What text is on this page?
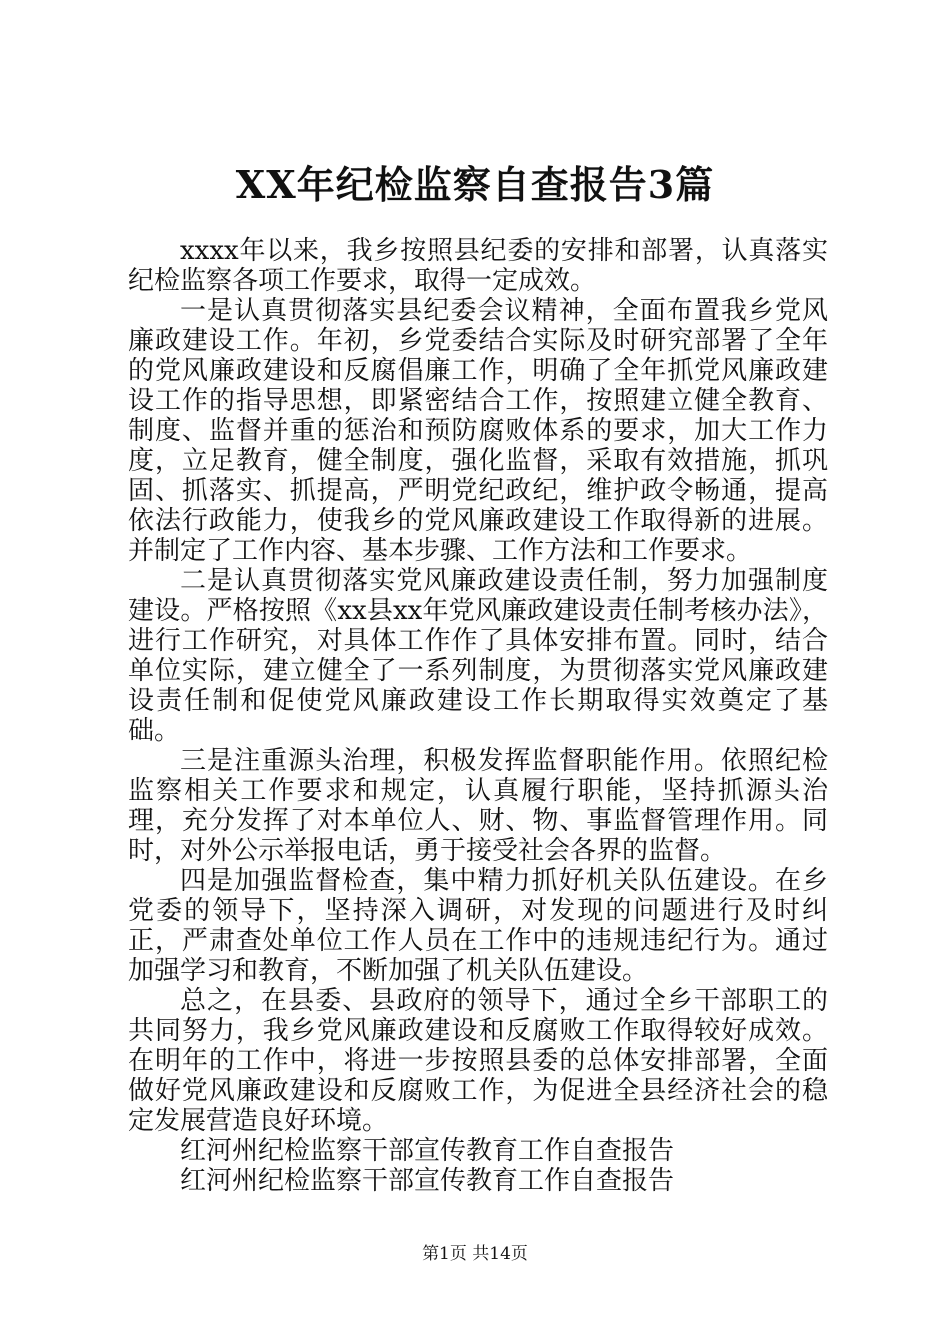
XX年纪检监察自查报告3篇

xxxx年以来，我乡按照县纪委的安排和部署，认真落实纪检监察各项工作要求，取得一定成效。

一是认真贯彻落实县纪委会议精神，全面布置我乡党风廉政建设工作。年初，乡党委结合实际及时研究部署了全年的党风廉政建设和反腐倡廉工作，明确了全年抓党风廉政建设工作的指导思想，即紧密结合工作，按照建立健全教育、制度、监督并重的惩治和预防腐败体系的要求，加大工作力度，立足教育，健全制度，强化监督，采取有效措施，抓巩固、抓落实、抓提高，严明党纪政纪，维护政令畅通，提高依法行政能力，使我乡的党风廉政建设工作取得新的进展。并制定了工作内容、基本步骤、工作方法和工作要求。

二是认真贯彻落实党风廉政建设责任制，努力加强制度建设。严格按照《xx县xx年党风廉政建设责任制考核办法》，进行工作研究，对具体工作作了具体安排布置。同时，结合单位实际，建立健全了一系列制度，为贯彻落实党风廉政建设责任制和促使党风廉政建设工作长期取得实效奠定了基础。

三是注重源头治理，积极发挥监督职能作用。依照纪检监察相关工作要求和规定，认真履行职能，坚持抓源头治理，充分发挥了对本单位人、财、物、事监督管理作用。同时，对外公示举报电话，勇于接受社会各界的监督。

四是加强监督检查，集中精力抓好机关队伍建设。在乡党委的领导下，坚持深入调研，对发现的问题进行及时纠正，严肃查处单位工作人员在工作中的违规违纪行为。通过加强学习和教育，不断加强了机关队伍建设。

总之，在县委、县政府的领导下，通过全乡干部职工的共同努力，我乡党风廉政建设和反腐败工作取得较好成效。在明年的工作中，将进一步按照县委的总体安排部署，全面做好党风廉政建设和反腐败工作，为促进全县经济社会的稳定发展营造良好环境。

红河州纪检监察干部宣传教育工作自查报告

红河州纪检监察干部宣传教育工作自查报告

第1页 共14页
